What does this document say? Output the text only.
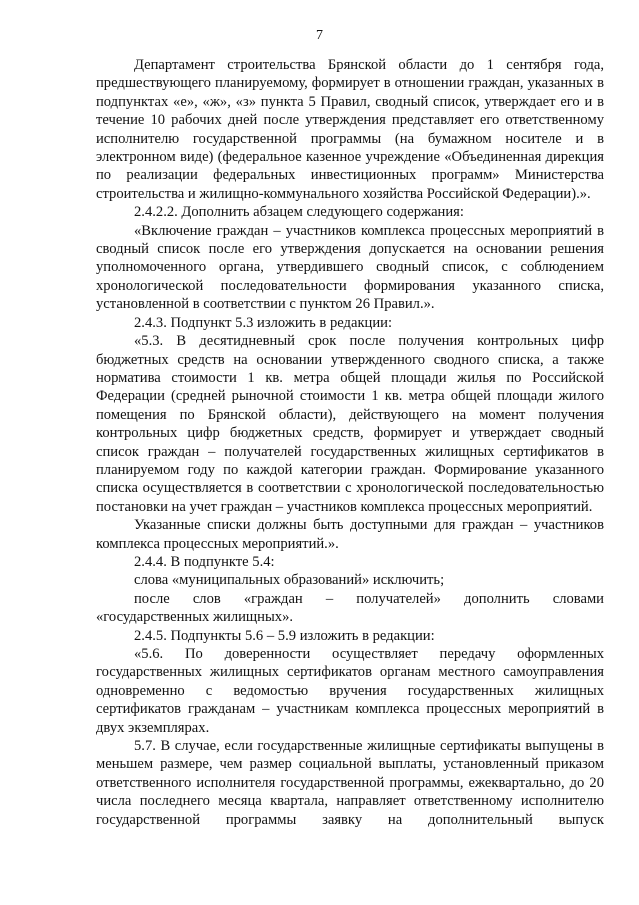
7

Департамент строительства Брянской области до 1 сентября года, предшествующего планируемому, формирует в отношении граждан, указанных в подпунктах «е», «ж», «з» пункта 5 Правил, сводный список, утверждает его и в течение 10 рабочих дней после утверждения представляет его ответственному исполнителю государственной программы (на бумажном носителе и в электронном виде) (федеральное казенное учреждение «Объединенная дирекция по реализации федеральных инвестиционных программ» Министерства строительства и жилищно-коммунального хозяйства Российской Федерации).».

2.4.2.2. Дополнить абзацем следующего содержания:

«Включение граждан – участников комплекса процессных мероприятий в сводный список после его утверждения допускается на основании решения уполномоченного органа, утвердившего сводный список, с соблюдением хронологической последовательности формирования указанного списка, установленной в соответствии с пунктом 26 Правил.».

2.4.3. Подпункт 5.3 изложить в редакции:

«5.3. В десятидневный срок после получения контрольных цифр бюджетных средств на основании утвержденного сводного списка, а также норматива стоимости 1 кв. метра общей площади жилья по Российской Федерации (средней рыночной стоимости 1 кв. метра общей площади жилого помещения по Брянской области), действующего на момент получения контрольных цифр бюджетных средств, формирует и утверждает сводный список граждан – получателей государственных жилищных сертификатов в планируемом году по каждой категории граждан. Формирование указанного списка осуществляется в соответствии с хронологической последовательностью постановки на учет граждан – участников комплекса процессных мероприятий.

Указанные списки должны быть доступными для граждан – участников комплекса процессных мероприятий.».

2.4.4. В подпункте 5.4:

слова «муниципальных образований» исключить;

после слов «граждан – получателей» дополнить словами «государственных жилищных».

2.4.5. Подпункты 5.6 – 5.9 изложить в редакции:

«5.6. По доверенности осуществляет передачу оформленных государственных жилищных сертификатов органам местного самоуправления одновременно с ведомостью вручения государственных жилищных сертификатов гражданам – участникам комплекса процессных мероприятий в двух экземплярах.

5.7. В случае, если государственные жилищные сертификаты выпущены в меньшем размере, чем размер социальной выплаты, установленный приказом ответственного исполнителя государственной программы, ежеквартально, до 20 числа последнего месяца квартала, направляет ответственному исполнителю государственной программы заявку на дополнительный выпуск
